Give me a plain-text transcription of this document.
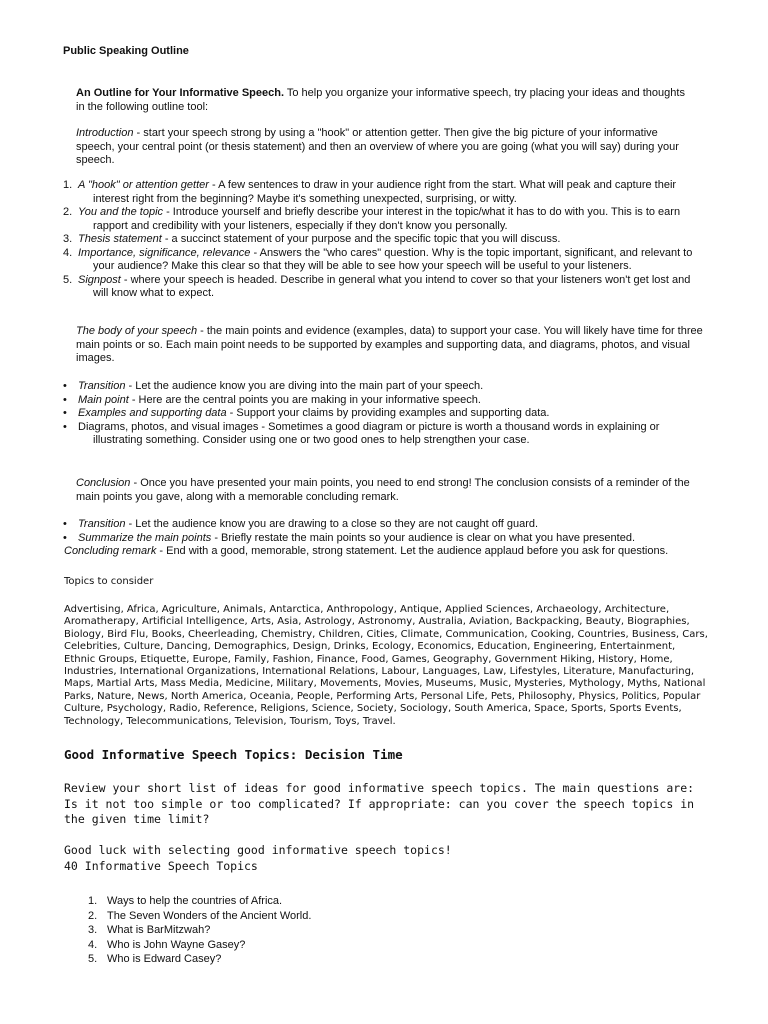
Public Speaking Outline
An Outline for Your Informative Speech. To help you organize your informative speech, try placing your ideas and thoughts in the following outline tool:
Introduction - start your speech strong by using a "hook" or attention getter. Then give the big picture of your informative speech, your central point (or thesis statement) and then an overview of where you are going (what you will say) during your speech.
1. A "hook" or attention getter - A few sentences to draw in your audience right from the start. What will peak and capture their interest right from the beginning? Maybe it's something unexpected, surprising, or witty.
2. You and the topic - Introduce yourself and briefly describe your interest in the topic/what it has to do with you. This is to earn rapport and credibility with your listeners, especially if they don't know you personally.
3. Thesis statement - a succinct statement of your purpose and the specific topic that you will discuss.
4. Importance, significance, relevance - Answers the "who cares" question. Why is the topic important, significant, and relevant to your audience? Make this clear so that they will be able to see how your speech will be useful to your listeners.
5. Signpost - where your speech is headed. Describe in general what you intend to cover so that your listeners won't get lost and will know what to expect.
The body of your speech - the main points and evidence (examples, data) to support your case. You will likely have time for three main points or so. Each main point needs to be supported by examples and supporting data, and diagrams, photos, and visual images.
• Transition - Let the audience know you are diving into the main part of your speech.
• Main point - Here are the central points you are making in your informative speech.
• Examples and supporting data - Support your claims by providing examples and supporting data.
• Diagrams, photos, and visual images - Sometimes a good diagram or picture is worth a thousand words in explaining or illustrating something. Consider using one or two good ones to help strengthen your case.
Conclusion - Once you have presented your main points, you need to end strong! The conclusion consists of a reminder of the main points you gave, along with a memorable concluding remark.
• Transition - Let the audience know you are drawing to a close so they are not caught off guard.
• Summarize the main points - Briefly restate the main points so your audience is clear on what you have presented.
Concluding remark - End with a good, memorable, strong statement. Let the audience applaud before you ask for questions.
Topics to consider
Advertising, Africa, Agriculture, Animals, Antarctica, Anthropology, Antique, Applied Sciences, Archaeology, Architecture, Aromatherapy, Artificial Intelligence, Arts, Asia, Astrology, Astronomy, Australia, Aviation, Backpacking, Beauty, Biographies, Biology, Bird Flu, Books, Cheerleading, Chemistry, Children, Cities, Climate, Communication, Cooking, Countries, Business, Cars, Celebrities, Culture, Dancing, Demographics, Design, Drinks, Ecology, Economics, Education, Engineering, Entertainment, Ethnic Groups, Etiquette, Europe, Family, Fashion, Finance, Food, Games, Geography, Government Hiking, History, Home, Industries, International Organizations, International Relations, Labour, Languages, Law, Lifestyles, Literature, Manufacturing, Maps, Martial Arts, Mass Media, Medicine, Military, Movements, Movies, Museums, Music, Mysteries, Mythology, Myths, National Parks, Nature, News, North America, Oceania, People, Performing Arts, Personal Life, Pets, Philosophy, Physics, Politics, Popular Culture, Psychology, Radio, Reference, Religions, Science, Society, Sociology, South America, Space, Sports, Sports Events, Technology, Telecommunications, Television, Tourism, Toys, Travel.
Good Informative Speech Topics: Decision Time
Review your short list of ideas for good informative speech topics. The main questions are: Is it not too simple or too complicated? If appropriate: can you cover the speech topics in the given time limit?
Good luck with selecting good informative speech topics!
40 Informative Speech Topics
1. Ways to help the countries of Africa.
2. The Seven Wonders of the Ancient World.
3. What is BarMitzwah?
4. Who is John Wayne Gasey?
5. Who is Edward Casey?
